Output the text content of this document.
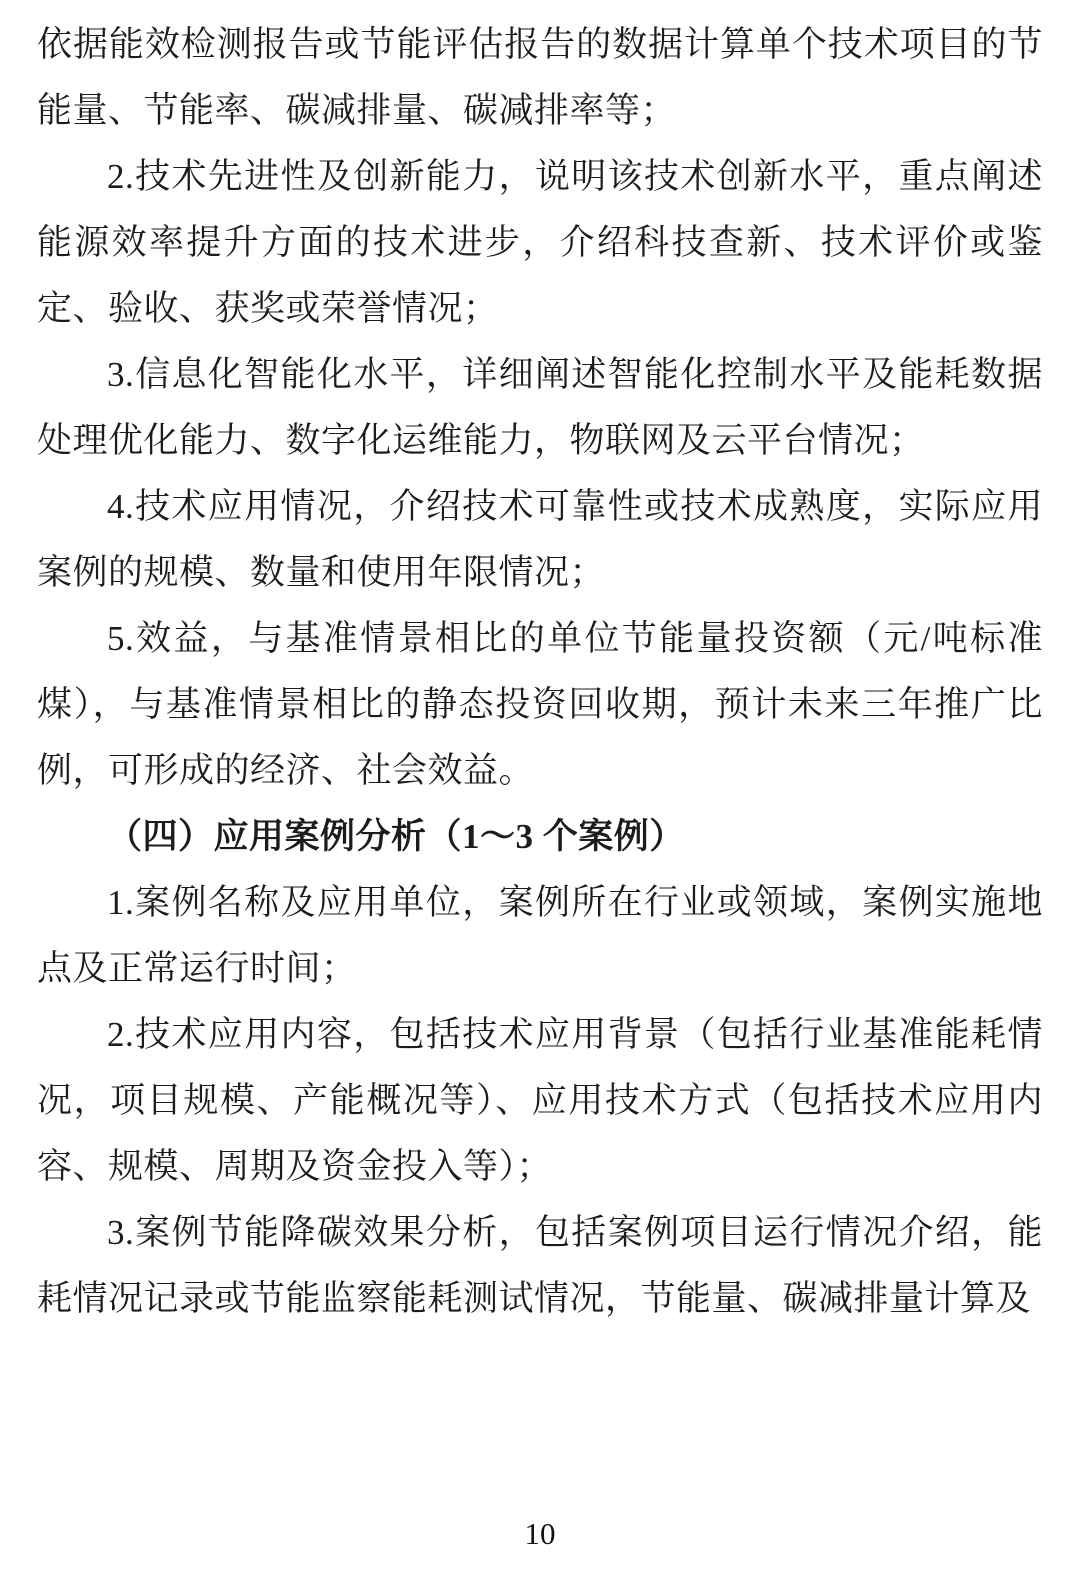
依据能效检测报告或节能评估报告的数据计算单个技术项目的节能量、节能率、碳减排量、碳减排率等；

2.技术先进性及创新能力，说明该技术创新水平，重点阐述能源效率提升方面的技术进步，介绍科技查新、技术评价或鉴定、验收、获奖或荣誉情况；

3.信息化智能化水平，详细阐述智能化控制水平及能耗数据处理优化能力、数字化运维能力，物联网及云平台情况；

4.技术应用情况，介绍技术可靠性或技术成熟度，实际应用案例的规模、数量和使用年限情况；

5.效益，与基准情景相比的单位节能量投资额（元/吨标准煤），与基准情景相比的静态投资回收期，预计未来三年推广比例，可形成的经济、社会效益。

（四）应用案例分析（1～3 个案例）

1.案例名称及应用单位，案例所在行业或领域，案例实施地点及正常运行时间；

2.技术应用内容，包括技术应用背景（包括行业基准能耗情况，项目规模、产能概况等）、应用技术方式（包括技术应用内容、规模、周期及资金投入等）；

3.案例节能降碳效果分析，包括案例项目运行情况介绍，能耗情况记录或节能监察能耗测试情况，节能量、碳减排量计算及

10
